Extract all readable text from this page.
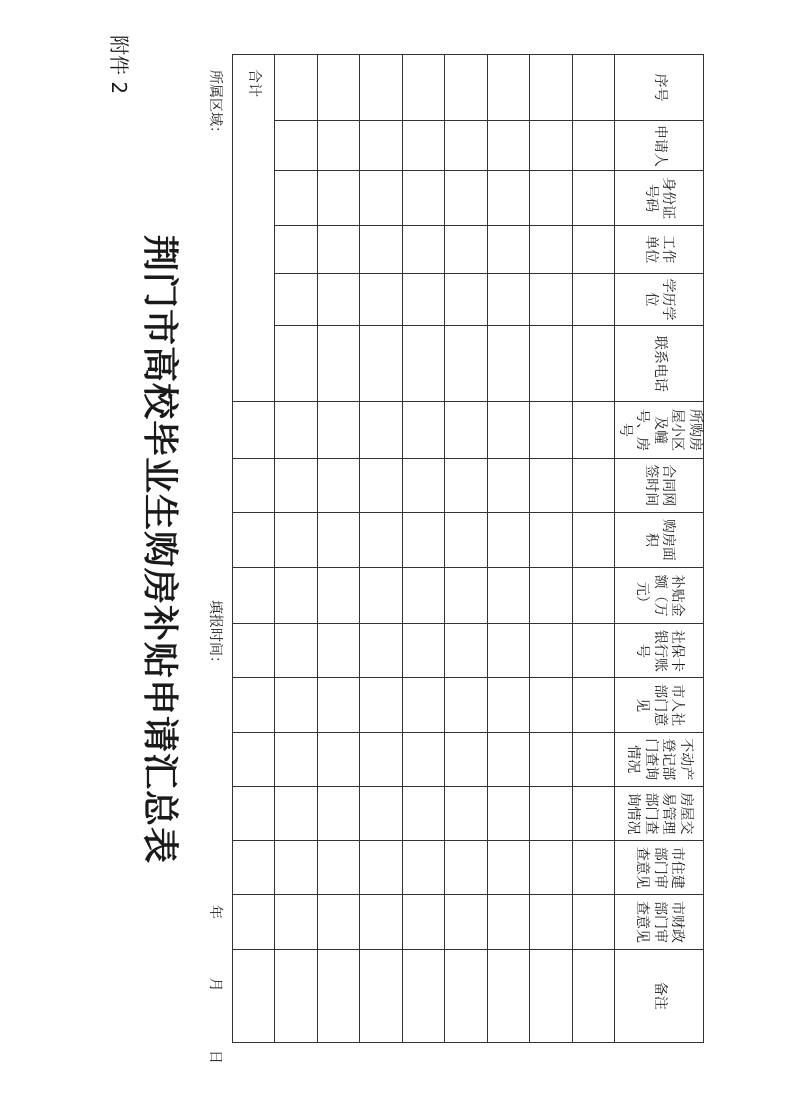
附件 2
荆门市高校毕业生购房补贴申请汇总表
所属区域：
填报时间：
年 月 日
序号	申请人	身份证号码	工作单位	学历学位	联系电话	所购房屋小区及幢号、房号	合同网签时间	购房面积	补贴金额（万元）	社保卡银行账号	市人社部门意见	不动产登记部门查询情况	房屋交易管理部门查询情况	市住建部门审查意见	市财政部门审查意见	备注

合计																
